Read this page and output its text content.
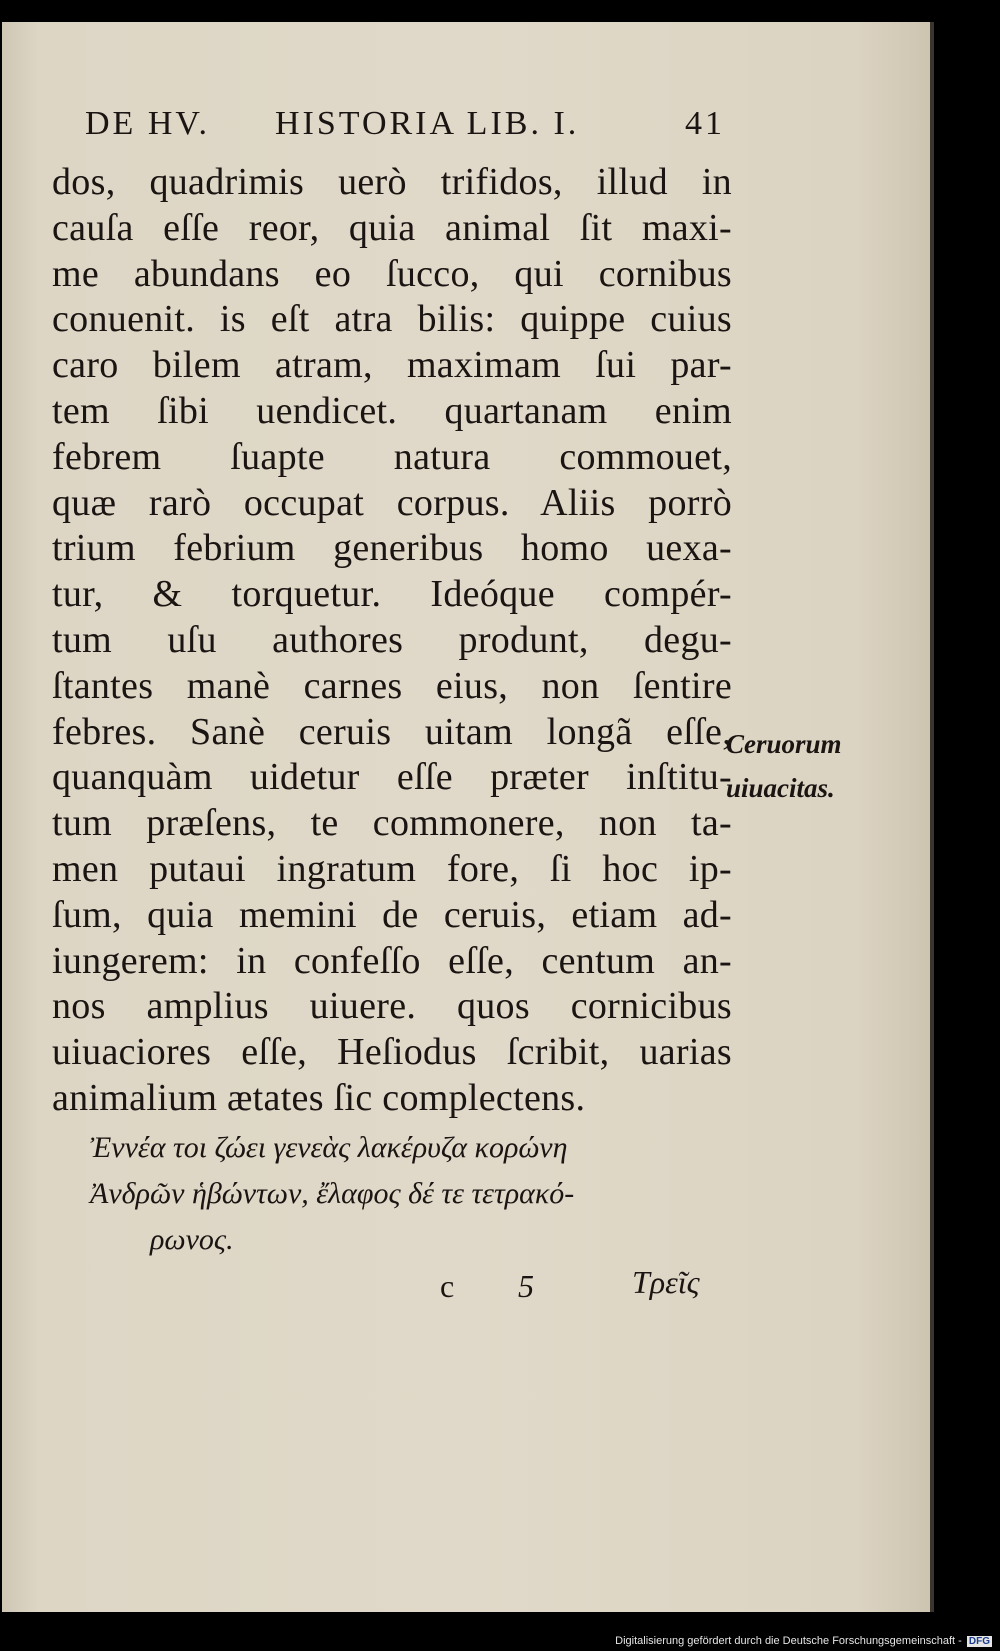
DE HV. HISTORIA LIB. I.	41
dos, quadrimis uerò trifidos, illud in
cauſa eſſe reor, quia animal ſit maxi-
me abundans eo ſucco, qui cornibus
conuenit. is eſt atra bilis: quippe cuius
caro bilem atram, maximam ſui par-
tem ſibi uendicet. quartanam enim
febrem ſuapte natura commouet,
quæ rarò occupat corpus. Aliis porrò
trium febrium generibus homo uexa-
tur, & torquetur. Ideóque compér-
tum uſu authores produnt, degu-
ſtantes manè carnes eius, non ſentire
febres. Sanè ceruis uitam longã eſſe,
quanquàm uidetur eſſe præter inſtitu-
tum præſens, te commonere, non ta-
men putaui ingratum fore, ſi hoc ip-
ſum, quia memini de ceruis, etiam ad-
iungerem: in confeſſo eſſe, centum an-
nos amplius uiuere. quos cornicibus
uiuaciores eſſe, Heſiodus ſcribit, uarias
animalium ætates ſic complectens.
Ceruorum
uiuacitas.
Ἐννέα τοι ζώει γενεὰς λακέρυζα κορώνη
Ἀνδρῶν ἡβώντων, ἔλαφος δέ τε τετρακό-
ρωνος.
c 5	Τρεῖς
Digitalisierung gefördert durch die Deutsche Forschungsgemeinschaft - DFG
